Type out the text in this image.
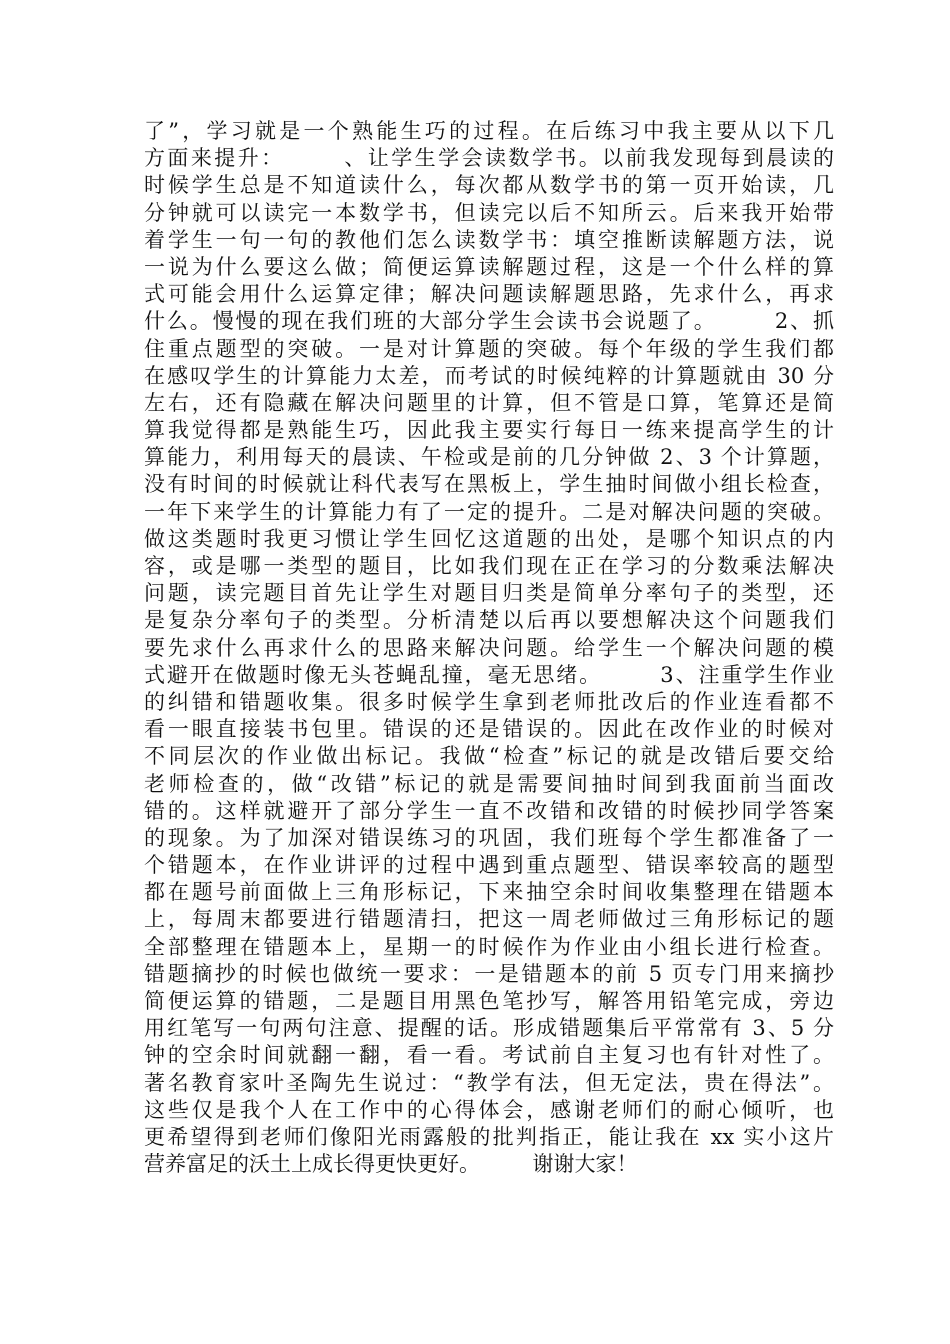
了”，学习就是一个熟能生巧的过程。在后练习中我主要从以下几
方面来提升：　　　、让学生学会读数学书。以前我发现每到晨读的
时候学生总是不知道读什么，每次都从数学书的第一页开始读，几
分钟就可以读完一本数学书，但读完以后不知所云。后来我开始带
着学生一句一句的教他们怎么读数学书：填空推断读解题方法，说
一说为什么要这么做；简便运算读解题过程，这是一个什么样的算
式可能会用什么运算定律；解决问题读解题思路，先求什么，再求
什么。慢慢的现在我们班的大部分学生会读书会说题了。　　　2、抓
住重点题型的突破。一是对计算题的突破。每个年级的学生我们都
在感叹学生的计算能力太差，而考试的时候纯粹的计算题就由 30 分
左右，还有隐藏在解决问题里的计算，但不管是口算，笔算还是简
算我觉得都是熟能生巧，因此我主要实行每日一练来提高学生的计
算能力，利用每天的晨读、午检或是前的几分钟做 2、3 个计算题，
没有时间的时候就让科代表写在黑板上，学生抽时间做小组长检查，
一年下来学生的计算能力有了一定的提升。二是对解决问题的突破。
做这类题时我更习惯让学生回忆这道题的出处，是哪个知识点的内
容，或是哪一类型的题目，比如我们现在正在学习的分数乘法解决
问题，读完题目首先让学生对题目归类是简单分率句子的类型，还
是复杂分率句子的类型。分析清楚以后再以要想解决这个问题我们
要先求什么再求什么的思路来解决问题。给学生一个解决问题的模
式避开在做题时像无头苍蝇乱撞，毫无思绪。　　　3、注重学生作业
的纠错和错题收集。很多时候学生拿到老师批改后的作业连看都不
看一眼直接装书包里。错误的还是错误的。因此在改作业的时候对
不同层次的作业做出标记。我做“检查”标记的就是改错后要交给
老师检查的，做“改错”标记的就是需要间抽时间到我面前当面改
错的。这样就避开了部分学生一直不改错和改错的时候抄同学答案
的现象。为了加深对错误练习的巩固，我们班每个学生都准备了一
个错题本，在作业讲评的过程中遇到重点题型、错误率较高的题型
都在题号前面做上三角形标记，下来抽空余时间收集整理在错题本
上，每周末都要进行错题清扫，把这一周老师做过三角形标记的题
全部整理在错题本上，星期一的时候作为作业由小组长进行检查。
错题摘抄的时候也做统一要求：一是错题本的前 5 页专门用来摘抄
简便运算的错题，二是题目用黑色笔抄写，解答用铅笔完成，旁边
用红笔写一句两句注意、提醒的话。形成错题集后平常常有 3、5 分
钟的空余时间就翻一翻，看一看。考试前自主复习也有针对性了。
著名教育家叶圣陶先生说过：“教学有法，但无定法，贵在得法”。
这些仅是我个人在工作中的心得体会，感谢老师们的耐心倾听，也
更希望得到老师们像阳光雨露般的批判指正，能让我在 xx 实小这片
营养富足的沃土上成长得更快更好。　　　谢谢大家！
